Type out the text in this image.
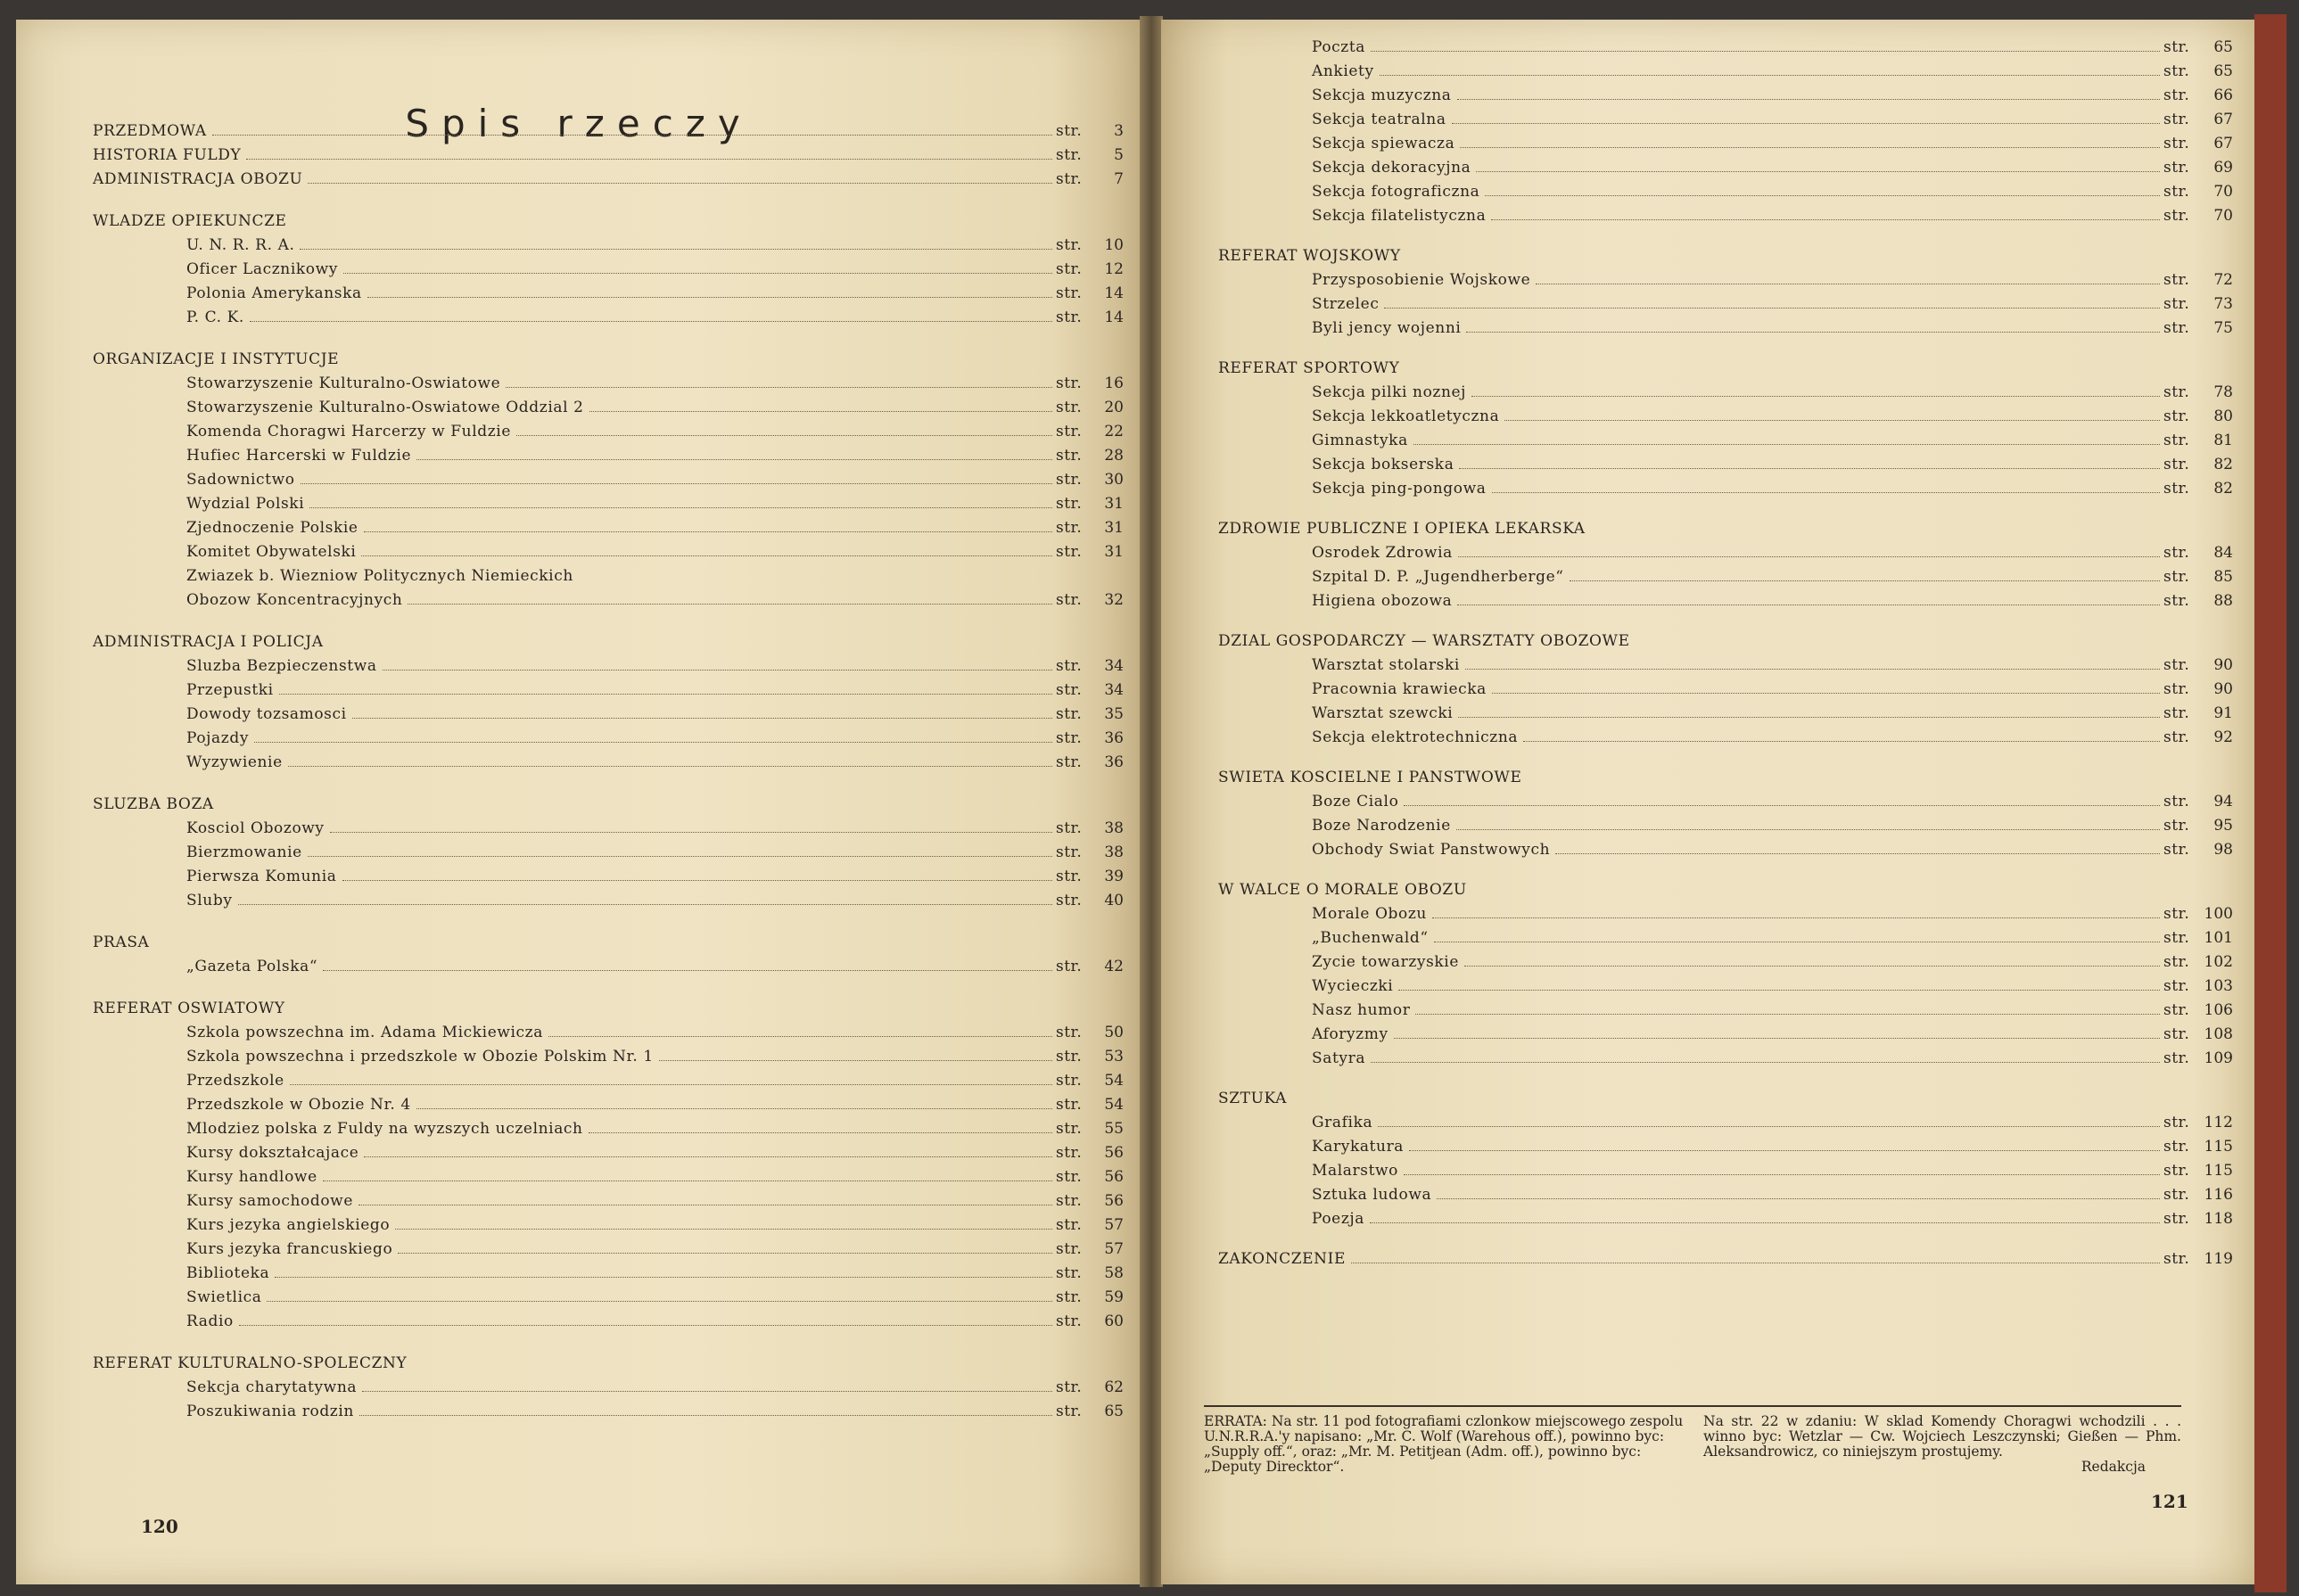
Spis rzeczy
PRZEDMOWA	str.	3
HISTORIA FULDY	str.	5
ADMINISTRACJA OBOZU	str.	7
WLADZE OPIEKUNCZE
U. N. R. R. A.	str.	10
Oficer Lacznikowy	str.	12
Polonia Amerykanska	str.	14
P. C. K.	str.	14
ORGANIZACJE I INSTYTUCJE
Stowarzyszenie Kulturalno-Oswiatowe	str.	16
Stowarzyszenie Kulturalno-Oswiatowe Oddzial 2	str.	20
Komenda Choragwi Harcerzy w Fuldzie	str.	22
Hufiec Harcerski w Fuldzie	str.	28
Sadownictwo	str.	30
Wydzial Polski	str.	31
Zjednoczenie Polskie	str.	31
Komitet Obywatelski	str.	31
Zwiazek b. Wiezniow Politycznych Niemieckich
Obozow Koncentracyjnych	str.	32
ADMINISTRACJA I POLICJA
Sluzba Bezpieczenstwa	str.	34
Przepustki	str.	34
Dowody tozsamosci	str.	35
Pojazdy	str.	36
Wyzywienie	str.	36
SLUZBA BOZA
Kosciol Obozowy	str.	38
Bierzmowanie	str.	38
Pierwsza Komunia	str.	39
Sluby	str.	40
PRASA
„Gazeta Polska“	str.	42
REFERAT OSWIATOWY
Szkola powszechna im. Adama Mickiewicza	str.	50
Szkola powszechna i przedszkole w Obozie Polskim Nr. 1	str.	53
Przedszkole	str.	54
Przedszkole w Obozie Nr. 4	str.	54
Mlodziez polska z Fuldy na wyzszych uczelniach	str.	55
Kursy dokształcajace	str.	56
Kursy handlowe	str.	56
Kursy samochodowe	str.	56
Kurs jezyka angielskiego	str.	57
Kurs jezyka francuskiego	str.	57
Biblioteka	str.	58
Swietlica	str.	59
Radio	str.	60
REFERAT KULTURALNO-SPOLECZNY
Sekcja charytatywna	str.	62
Poszukiwania rodzin	str.	65
120
Poczta	str.	65
Ankiety	str.	65
Sekcja muzyczna	str.	66
Sekcja teatralna	str.	67
Sekcja spiewacza	str.	67
Sekcja dekoracyjna	str.	69
Sekcja fotograficzna	str.	70
Sekcja filatelistyczna	str.	70
REFERAT WOJSKOWY
Przysposobienie Wojskowe	str.	72
Strzelec	str.	73
Byli jency wojenni	str.	75
REFERAT SPORTOWY
Sekcja pilki noznej	str.	78
Sekcja lekkoatletyczna	str.	80
Gimnastyka	str.	81
Sekcja bokserska	str.	82
Sekcja ping-pongowa	str.	82
ZDROWIE PUBLICZNE I OPIEKA LEKARSKA
Osrodek Zdrowia	str.	84
Szpital D. P. „Jugendherberge“	str.	85
Higiena obozowa	str.	88
DZIAL GOSPODARCZY — WARSZTATY OBOZOWE
Warsztat stolarski	str.	90
Pracownia krawiecka	str.	90
Warsztat szewcki	str.	91
Sekcja elektrotechniczna	str.	92
SWIETA KOSCIELNE I PANSTWOWE
Boze Cialo	str.	94
Boze Narodzenie	str.	95
Obchody Swiat Panstwowych	str.	98
W WALCE O MORALE OBOZU
Morale Obozu	str. 100
„Buchenwald“	str. 101
Zycie towarzyskie	str. 102
Wycieczki	str. 103
Nasz humor	str. 106
Aforyzmy	str. 108
Satyra	str. 109
SZTUKA
Grafika	str. 112
Karykatura	str. 115
Malarstwo	str. 115
Sztuka ludowa	str. 116
Poezja	str. 118
ZAKONCZENIE	str. 119
121
ERRATA: Na str. 11 pod fotografiami czlonkow miejscowego zespolu U.N.R.R.A.'y napisano: „Mr. C. Wolf (Warehous off.), powinno byc: „Supply off.“, oraz: „Mr. M. Petitjean (Adm. off.), powinno byc: „Deputy Direcktor“.
Na str. 22 w zdaniu: W sklad Komendy Choragwi wchodzili . . . winno byc: Wetzlar — Cw. Wojciech Leszczynski; Gießen — Phm. Aleksandrowicz, co niniejszym prostujemy.
Redakcja
